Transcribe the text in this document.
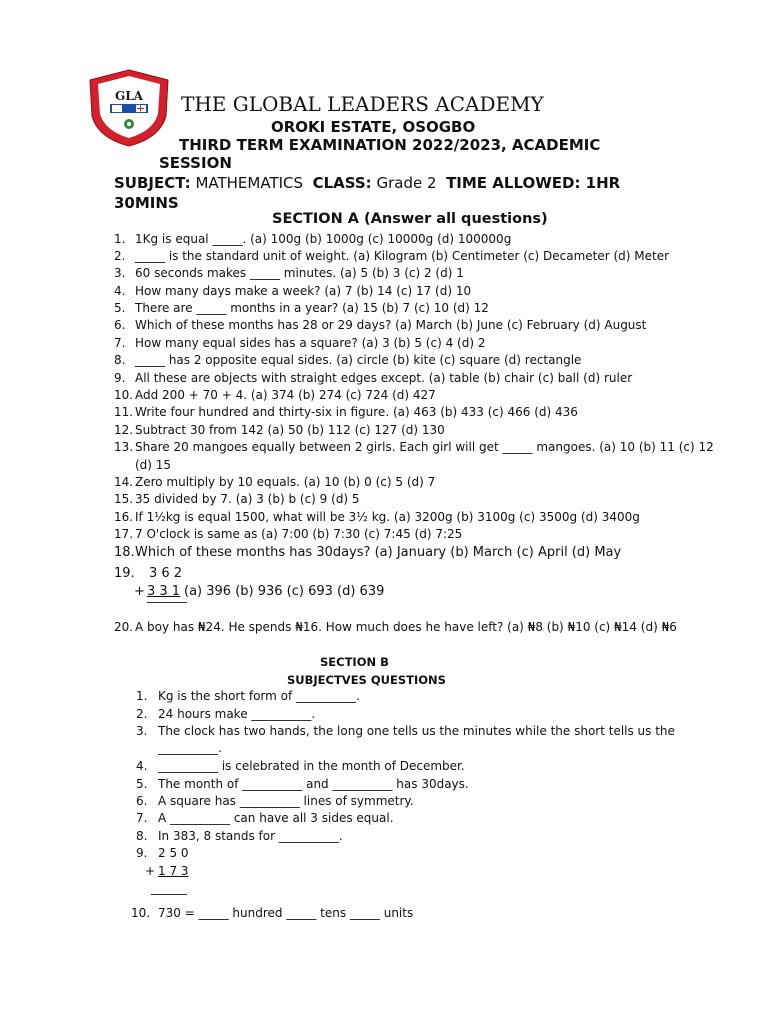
GLA THE GLOBAL LEADERS ACADEMY
OROKI ESTATE, OSOGBO
THIRD TERM EXAMINATION 2022/2023, ACADEMIC
SESSION
SUBJECT: MATHEMATICS CLASS: Grade 2 TIME ALLOWED: 1HR
30MINS
SECTION A (Answer all questions)
1. 1Kg is equal _____. (a) 100g (b) 1000g (c) 10000g (d) 100000g
2. _____ is the standard unit of weight. (a) Kilogram (b) Centimeter (c) Decameter (d) Meter
3. 60 seconds makes _____ minutes. (a) 5 (b) 3 (c) 2 (d) 1
4. How many days make a week? (a) 7 (b) 14 (c) 17 (d) 10
5. There are _____ months in a year? (a) 15 (b) 7 (c) 10 (d) 12
6. Which of these months has 28 or 29 days? (a) March (b) June (c) February (d) August
7. How many equal sides has a square? (a) 3 (b) 5 (c) 4 (d) 2
8. _____ has 2 opposite equal sides. (a) circle (b) kite (c) square (d) rectangle
9. All these are objects with straight edges except. (a) table (b) chair (c) ball (d) ruler
10. Add 200 + 70 + 4. (a) 374 (b) 274 (c) 724 (d) 427
11. Write four hundred and thirty-six in figure. (a) 463 (b) 433 (c) 466 (d) 436
12. Subtract 30 from 142 (a) 50 (b) 112 (c) 127 (d) 130
13. Share 20 mangoes equally between 2 girls. Each girl will get _____ mangoes. (a) 10 (b) 11 (c) 12
(d) 15
14. Zero multiply by 10 equals. (a) 10 (b) 0 (c) 5 (d) 7
15. 35 divided by 7. (a) 3 (b) b (c) 9 (d) 5
16. If 1½kg is equal 1500, what will be 3½ kg. (a) 3200g (b) 3100g (c) 3500g (d) 3400g
17. 7 O'clock is same as (a) 7:00 (b) 7:30 (c) 7:45 (d) 7:25
18. Which of these months has 30days? (a) January (b) March (c) April (d) May
19. 3 6 2
+ 3 3 1 (a) 396 (b) 936 (c) 693 (d) 639
20. A boy has ₦24. He spends ₦16. How much does he have left? (a) ₦8 (b) ₦10 (c) ₦14 (d) ₦6
SECTION B
SUBJECTVES QUESTIONS
1. Kg is the short form of __________.
2. 24 hours make __________.
3. The clock has two hands, the long one tells us the minutes while the short tells us the
__________.
4. __________ is celebrated in the month of December.
5. The month of __________ and __________ has 30days.
6. A square has __________ lines of symmetry.
7. A __________ can have all 3 sides equal.
8. In 383, 8 stands for __________.
9. 2 5 0
+ 1 7 3
______
10. 730 = _____ hundred _____ tens _____ units
